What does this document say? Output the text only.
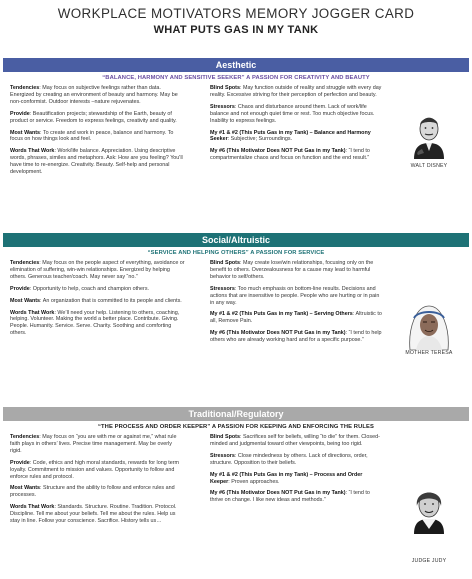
WORKPLACE MOTIVATORS MEMORY JOGGER CARD
WHAT PUTS GAS IN MY TANK
Aesthetic
“BALANCE, HARMONY AND SENSITIVE SEEKER” A PASSION FOR CREATIVITY AND BEAUTY
Tendencies: May focus on subjective feelings rather than data. Energized by creating an environment of beauty and harmony. May be non-conformist. Outdoor interests –nature rejuvenates.
Provide: Beautification projects; stewardship of the Earth, beauty of product or service. Freedom to express feelings, creativity and quality.
Most Wants: To create and work in peace, balance and harmony. To focus on how things look and feel.
Words That Work: Work/life balance. Appreciation. Using descriptive words, phrases, similes and metaphors. Ask: How are you feeling? You'll have time to re-energize. Creativity. Beauty. Self-help and personal development.
Blind Spots: May function outside of reality and struggle with every day reality. Excessive striving for their perception of perfection and beauty.
Stressors: Chaos and disturbance around them. Lack of work/life balance and not enough quiet time or rest. Too much objective focus. Inability to express feelings.
My #1 & #2 (This Puts Gas in my Tank) – Balance and Harmony Seeker: Subjective; Surroundings.
My #6 (This Motivator Does NOT Put Gas in my Tank): “I tend to compartmentalize chaos and focus on function and the end result.”
WALT DISNEY
Social/Altruistic
“SERVICE AND HELPING OTHERS” A PASSION FOR SERVICE
Tendencies: May focus on the people aspect of everything, avoidance or elimination of suffering, win-win relationships. Energized by helping others. Generous teacher/coach. May never say “no.”
Provide: Opportunity to help, coach and champion others.
Most Wants: An organization that is committed to its people and clients.
Words That Work: We’ll need your help. Listening to others, coaching, helping. Volunteer. Making the world a better place. Contribute. Giving. People. Humanity. Service. Serve. Charity. Soothing and comforting others.
Blind Spots: May create lose/win relationships, focusing only on the benefit to others. Overzealousness for a cause may lead to harmful behavior to self/others.
Stressors: Too much emphasis on bottom-line results. Decisions and actions that are insensitive to people. People who are hurting or in pain in any way.
My #1 & #2 (This Puts Gas in my Tank) – Serving Others: Altruistic to all, Remove Pain.
My #6 (This Motivator Does NOT Put Gas in my Tank): “I tend to help others who are already working hard and for a specific purpose.”
MOTHER TERESA
Traditional/Regulatory
“THE PROCESS AND ORDER KEEPER” A PASSION FOR KEEPING AND ENFORCING THE RULES
Tendencies: May focus on “you are with me or against me,” what rule faith plays in others’ lives. Precise time management. May be overly rigid.
Provide: Code, ethics and high moral standards, rewards for long term loyalty. Commitment to mission and values. Opportunity to follow and enforce rules and protocol.
Most Wants: Structure and the ability to follow and enforce rules and processes.
Words That Work: Standards. Structure. Routine. Tradition. Protocol. Discipline. Tell me about your beliefs. Tell me about the rules. Help us stay in line. Follow your conscience. Sacrifice. History tells us…
Blind Spots: Sacrifices self for beliefs, willing “to die” for them. Closed-minded and judgmental toward other viewpoints, being too rigid.
Stressors: Close mindedness by others. Lack of directions, order, structure. Opposition to their beliefs.
My #1 & #2 (This Puts Gas in my Tank) – Process and Order Keeper: Proven approaches.
My #6 (This Motivator Does NOT Put Gas in my Tank): “I tend to thrive on change. I like new ideas and methods.”
JUDGE JUDY
